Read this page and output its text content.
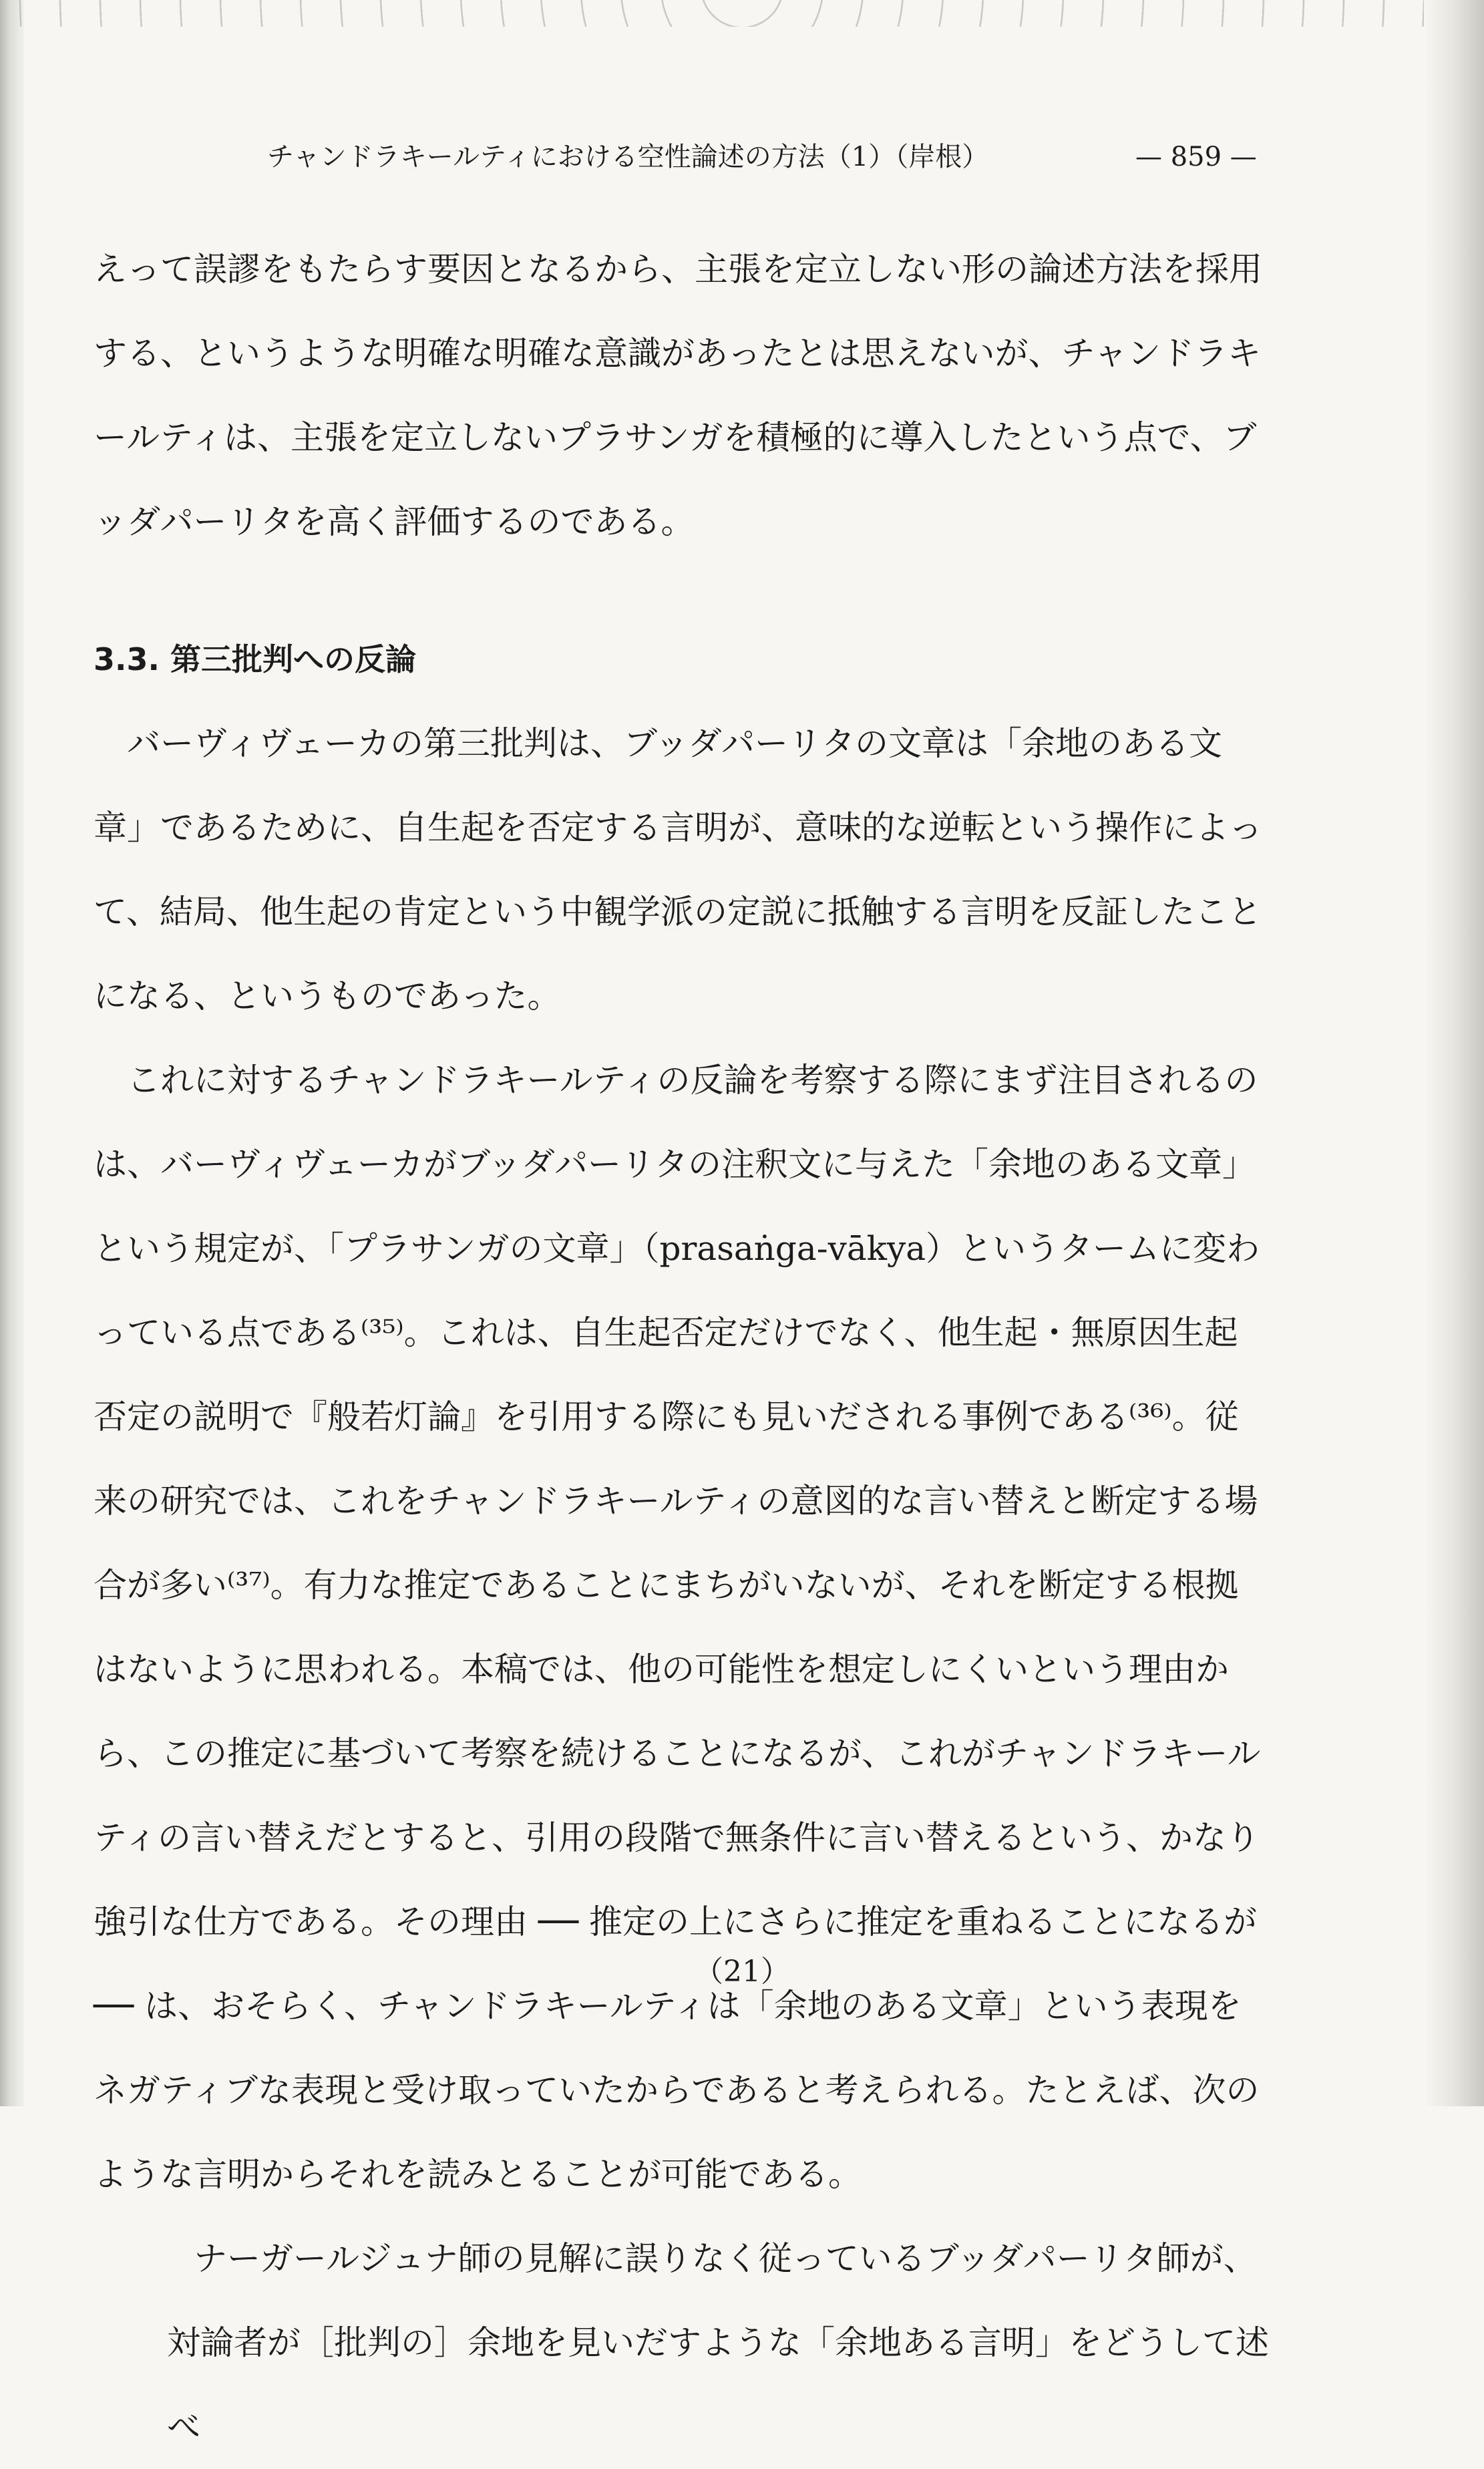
チャンドラキールティにおける空性論述の方法（1）（岸根）	— 859 —

えって誤謬をもたらす要因となるから、主張を定立しない形の論述方法を採用する、というような明確な明確な意識があったとは思えないが、チャンドラキールティは、主張を定立しないプラサンガを積極的に導入したという点で、ブッダパーリタを高く評価するのである。

3.3. 第三批判への反論

バーヴィヴェーカの第三批判は、ブッダパーリタの文章は「余地のある文章」であるために、自生起を否定する言明が、意味的な逆転という操作によって、結局、他生起の肯定という中観学派の定説に抵触する言明を反証したことになる、というものであった。

これに対するチャンドラキールティの反論を考察する際にまず注目されるのは、バーヴィヴェーカがブッダパーリタの注釈文に与えた「余地のある文章」という規定が、「プラサンガの文章」（prasaṅga-vākya）というタームに変わっている点である⁽³⁵⁾。これは、自生起否定だけでなく、他生起・無原因生起否定の説明で『般若灯論』を引用する際にも見いだされる事例である⁽³⁶⁾。従来の研究では、これをチャンドラキールティの意図的な言い替えと断定する場合が多い⁽³⁷⁾。有力な推定であることにまちがいないが、それを断定する根拠はないように思われる。本稿では、他の可能性を想定しにくいという理由から、この推定に基づいて考察を続けることになるが、これがチャンドラキールティの言い替えだとすると、引用の段階で無条件に言い替えるという、かなり強引な仕方である。その理由 ── 推定の上にさらに推定を重ねることになるが ── は、おそらく、チャンドラキールティは「余地のある文章」という表現をネガティブな表現と受け取っていたからであると考えられる。たとえば、次のような言明からそれを読みとることが可能である。

ナーガールジュナ師の見解に誤りなく従っているブッダパーリタ師が、対論者が［批判の］余地を見いだすような「余地ある言明」をどうして述べ

（21）
